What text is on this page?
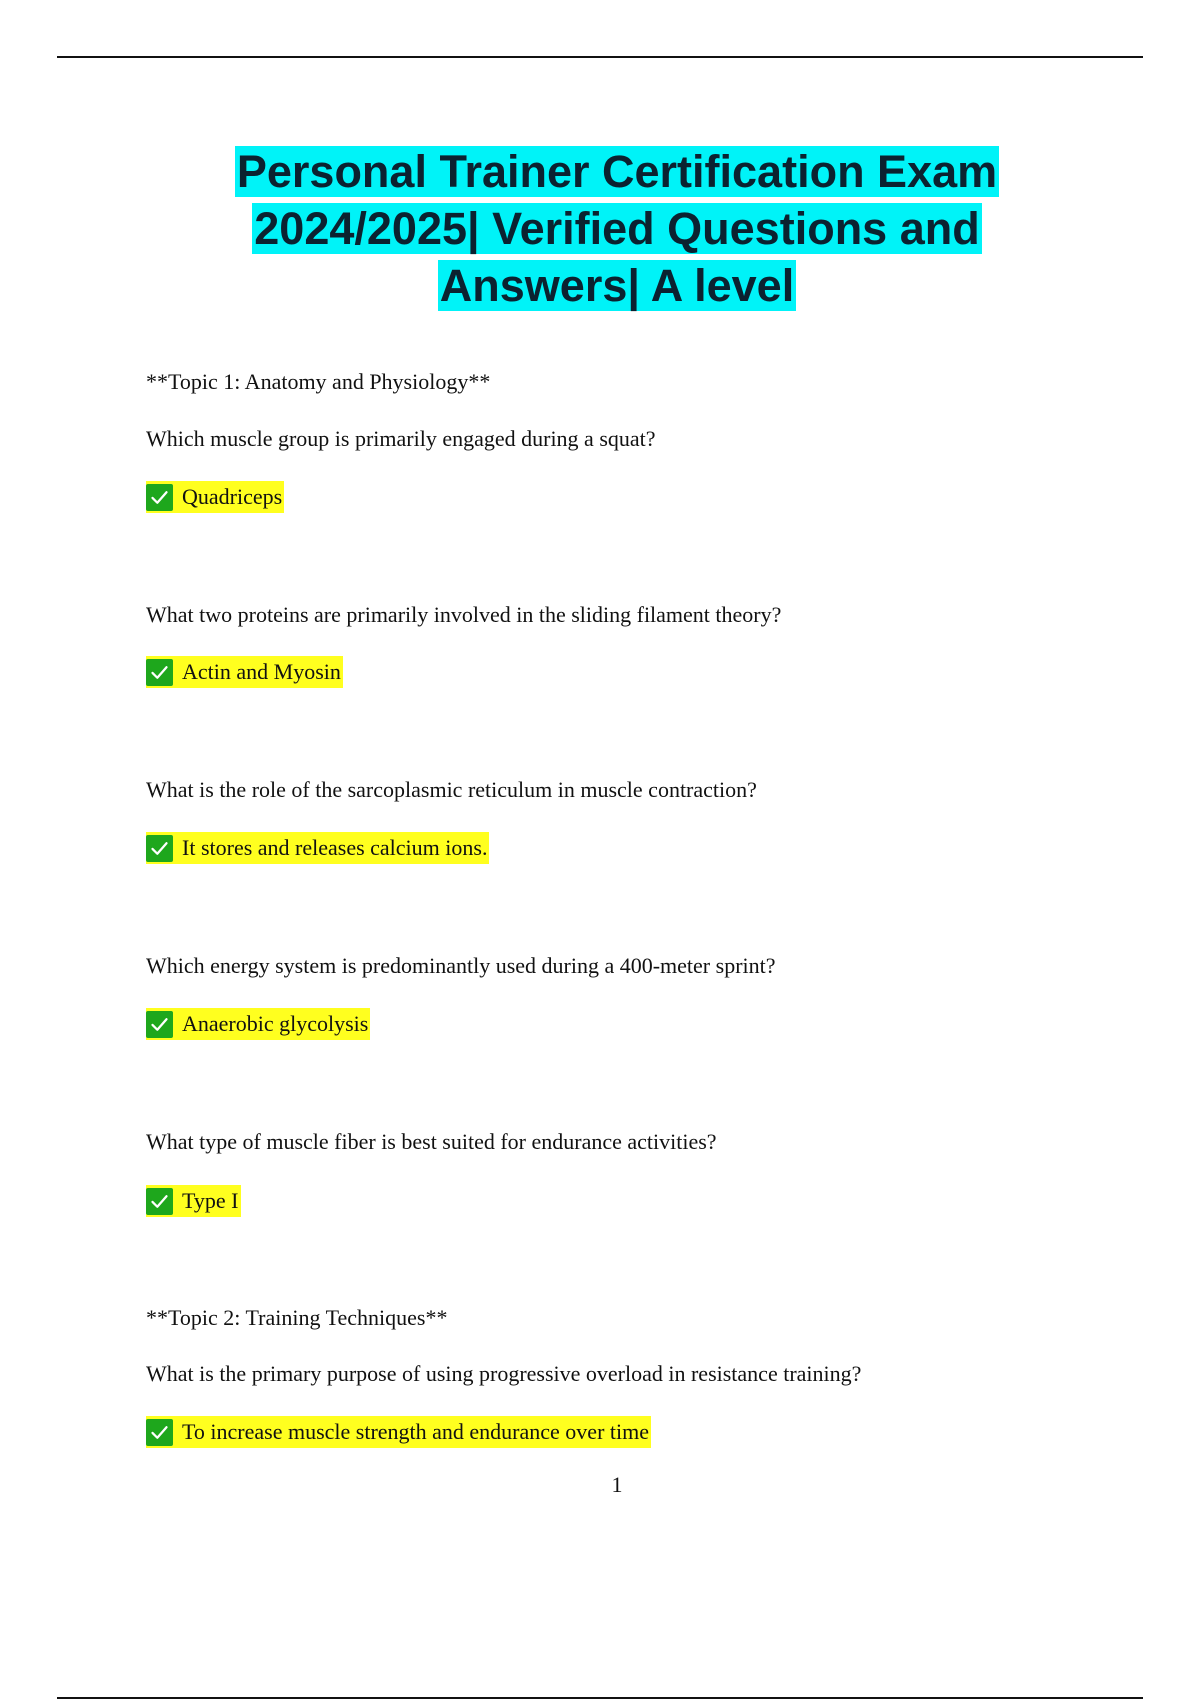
Personal Trainer Certification Exam
2024/2025| Verified Questions and
Answers| A level
**Topic 1: Anatomy and Physiology**
Which muscle group is primarily engaged during a squat?
Quadriceps
What two proteins are primarily involved in the sliding filament theory?
Actin and Myosin
What is the role of the sarcoplasmic reticulum in muscle contraction?
It stores and releases calcium ions.
Which energy system is predominantly used during a 400-meter sprint?
Anaerobic glycolysis
What type of muscle fiber is best suited for endurance activities?
Type I
**Topic 2: Training Techniques**
What is the primary purpose of using progressive overload in resistance training?
To increase muscle strength and endurance over time
1
